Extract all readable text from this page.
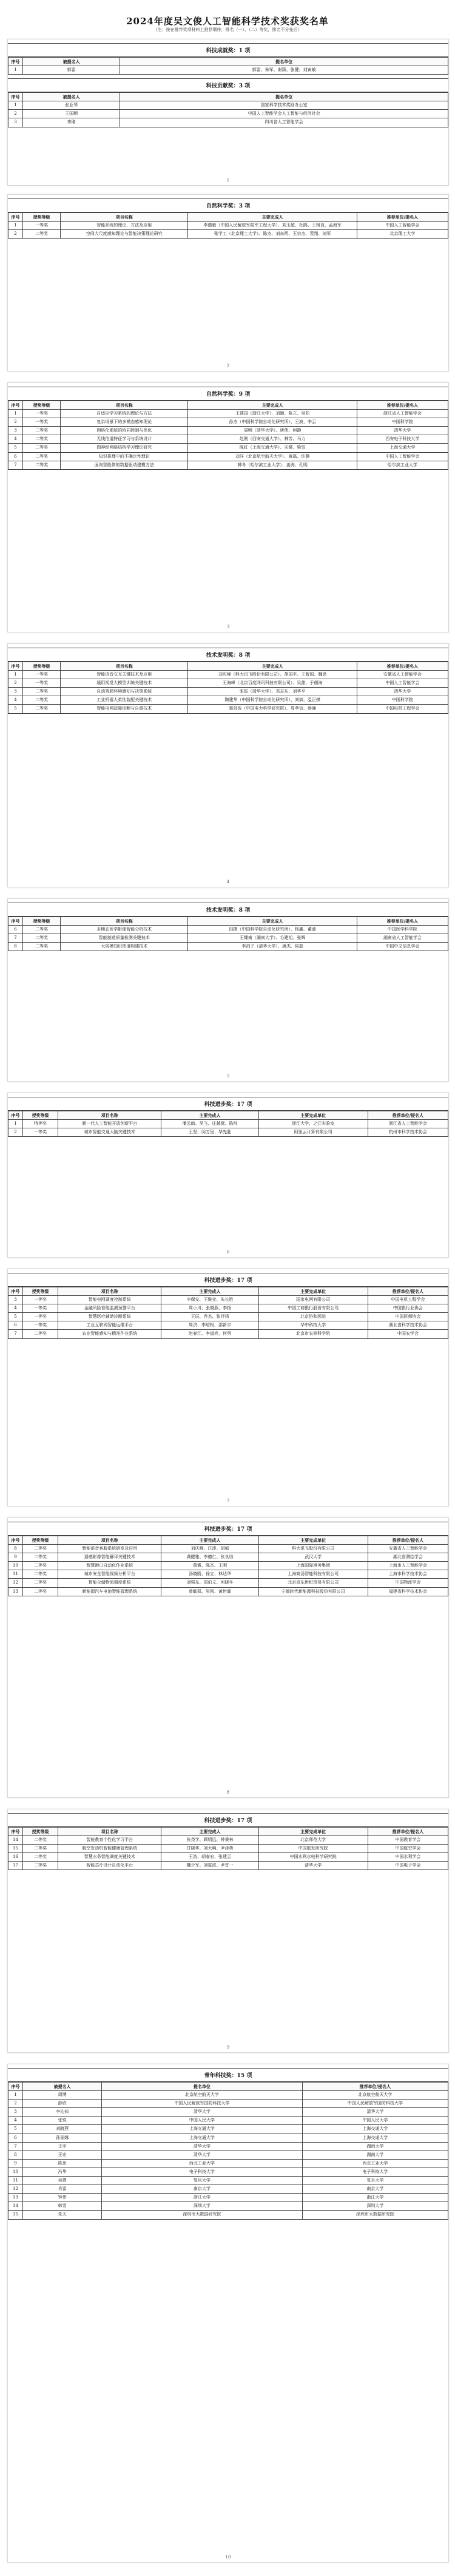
2024年度吴文俊人工智能科学技术奖获奖名单
（注：按在推荐奖项材料上推荐顺序，排名（一）、（二）等奖，排名不分先后）
科技成就奖：1 项
序号	被提名人	提名单位
1	郭雷	郭雷、朱军、谢颖、张健、刘寅敏
科技贡献奖：3 项
序号	被提名人	提名单位
1	张亚琴	国家科学技术奖励办公室
2	王国顺	中国人工智能学会人工智能与经济社会
3	李刚	四川省人工智能学会
1
自然科学奖：3 项
序号	授奖等级	项目名称	主要完成人	推荐单位/提名人
1	一等奖	智能系统的理论、方法及应用	李德毅（中国人民解放军陆军工程大学）、刘玉超、杜鹃、王树良、孟海军	中国人工智能学会
2	二等奖	空间大尺度感知理论与智能决策理论研究	张学工（北京理工大学）、陈杰、刘东明、王宗杰、裴翔、刘军	北京理工大学
2
自然科学奖：9 项
序号	授奖等级	项目名称	主要完成人	推荐单位/提名人
1	一等奖	自适应学习系统的理论与方法	王建国（浙江大学）、刘颖、陈立、吴松	浙江省人工智能学会
2	一等奖	复杂场景下的多模态感知理论	孙杰（中国科学院自动化研究所）、王波、李云	中国科学院
3	二等奖	网络化系统的协同控制与优化	周明（清华大学）、唐伟、何静	清华大学
4	二等奖	无线信道特征学习与系统设计	赵刚（西安交通大学）、林芳、马力	西安电子科技大学
5	二等奖	图神经网络结构学习理论研究	陈红（上海交通大学）、宋健、梁雪	上海交通大学
6	二等奖	知识推理中的不确定性理论	刘洋（北京航空航天大学）、黄磊、许静	中国人工智能学会
7	二等奖	面向智能体的数据驱动建模方法	韩冬（哈尔滨工业大学）、姜涛、孔明	哈尔滨工业大学
3
技术发明奖：8 项
序号	授奖等级	项目名称	主要完成人	推荐单位/提名人
1	一等奖	智能语音交互关键技术及应用	刘庆峰（科大讯飞股份有限公司）、胡国平、王智国、魏思	安徽省人工智能学会
2	一等奖	通用视觉大模型训练关键技术	王海峰（北京百度网讯科技有限公司）、吴甜、于佃海	中国人工智能学会
3	二等奖	自动驾驶环境感知与决策系统	张钹（清华大学）、邓志东、刘华平	清华大学
4	二等奖	工业机器人柔性装配关键技术	陶建华（中国科学院自动化研究所）、刘斌、温正棋	中国科学院
5	二等奖	智能电网故障诊断与自愈技术	郭剑波（中国电力科学研究院）、周孝信、汤涌	中国电机工程学会
4
技术发明奖：8 项
序号	授奖等级	项目名称	主要完成人	推荐单位/提名人
6	二等奖	多模态医学影像智能分析技术	田捷（中国科学院自动化研究所）、杨鑫、董迪	中国医学科学院
7	二等奖	智能制造质量检测关键技术	王耀南（湖南大学）、毛建旭、张辉	湖南省人工智能学会
8	二等奖	大规模知识图谱构建技术	李涓子（清华大学）、唐杰、侯磊	中国中文信息学会
5
科技进步奖：17 项
序号	授奖等级	项目名称	主要完成人	主要完成单位	推荐单位/提名人
1	特等奖	新一代人工智能开放创新平台	潘云鹤、吴飞、庄越挺、陈纯	浙江大学、之江实验室	浙江省人工智能学会
2	一等奖	城市智能交通大脑关键技术	王坚、闵万里、华先胜	阿里云计算有限公司	杭州市科学技术协会
6
科技进步奖：17 项
序号	授奖等级	项目名称	主要完成人	主要完成单位	推荐单位/提名人
3	一等奖	智能电网调度控制系统	辛保安、王继业、朱长胜	国家电网有限公司	中国电机工程学会
4	一等奖	金融风险智能监测预警平台	周小川、张晓燕、李扬	中国工商银行股份有限公司	中国银行业协会
5	一等奖	智慧医疗辅助诊断系统	王辰、乔杰、张抒扬	北京协和医院	中国医师协会
6	一等奖	工业互联网智能运维平台	周济、李培根、邵新宇	华中科技大学	湖北省科学技术协会
7	二等奖	农业智能感知与精准作业系统	赵春江、李道亮、何勇	北京市农林科学院	中国农学会
7
科技进步奖：17 项
序号	授奖等级	项目名称	主要完成人	主要完成单位	推荐单位/提名人
8	二等奖	智能语音客服系统研发及应用	刘庆峰、江涛、胡郁	科大讯飞股份有限公司	安徽省人工智能学会
9	二等奖	遥感影像智能解译关键技术	龚健雅、李德仁、张良培	武汉大学	湖北省测绘学会
10	二等奖	智慧港口自动化作业系统	黄震、陈杰、王刚	上海国际港务集团	上海市人工智能学会
11	二等奖	城市安全智能视频分析平台	汤晓鸥、徐立、林达华	上海商汤智能科技有限公司	上海市科学技术协会
12	二等奖	智能仓储物流调度系统	刘强东、周伯文、何晓冬	北京京东世纪贸易有限公司	中国物流学会
13	二等奖	新能源汽车电池智能管理系统	曾毓群、吴凯、黄世霖	宁德时代新能源科技股份有限公司	福建省科学技术协会
8
科技进步奖：17 项
序号	授奖等级	项目名称	主要完成人	主要完成单位	推荐单位/提名人
14	二等奖	智能教育个性化学习平台	张尧学、顾明远、钟秉林	北京师范大学	中国教育学会
15	二等奖	航空发动机智能健康管理系统	甘晓华、刘大响、尹泽勇	中国航发研究院	中国航空学会
16	二等奖	智慧水务智能调度关键技术	王浩、胡春宏、张建云	中国水利水电科学研究院	中国水利学会
17	二等奖	智能芯片设计自动化平台	魏少军、刘雷波、尹首一	清华大学	中国电子学会
9
青年科技奖：15 项
序号	被提名人	提名单位	推荐单位/提名人
1	周博	北京航空航天大学	北京航空航天大学
2	彭欣	中国人民解放军国防科技大学	中国人民解放军国防科技大学
3	李沁茹	清华大学	清华大学
4	张锐	中国人民大学	中国人民大学
5	刘晓燕	上海交通大学	上海交通大学
6	孙丽娜	上海交通大学	上海交通大学
7	王宇	清华大学	湖南大学
8	王宏	清华大学	湖南大学
9	陈思	西北工业大学	西北工业大学
10	冯华	电子科技大学	电子科技大学
11	吴倩	复旦大学	复旦大学
12	肖雷	南京大学	南京大学
13	钟伟	浙江大学	浙江大学
14	韩雪	深圳大学	深圳大学
15	朱天	深圳市大数据研究院	深圳市大数据研究院
10
